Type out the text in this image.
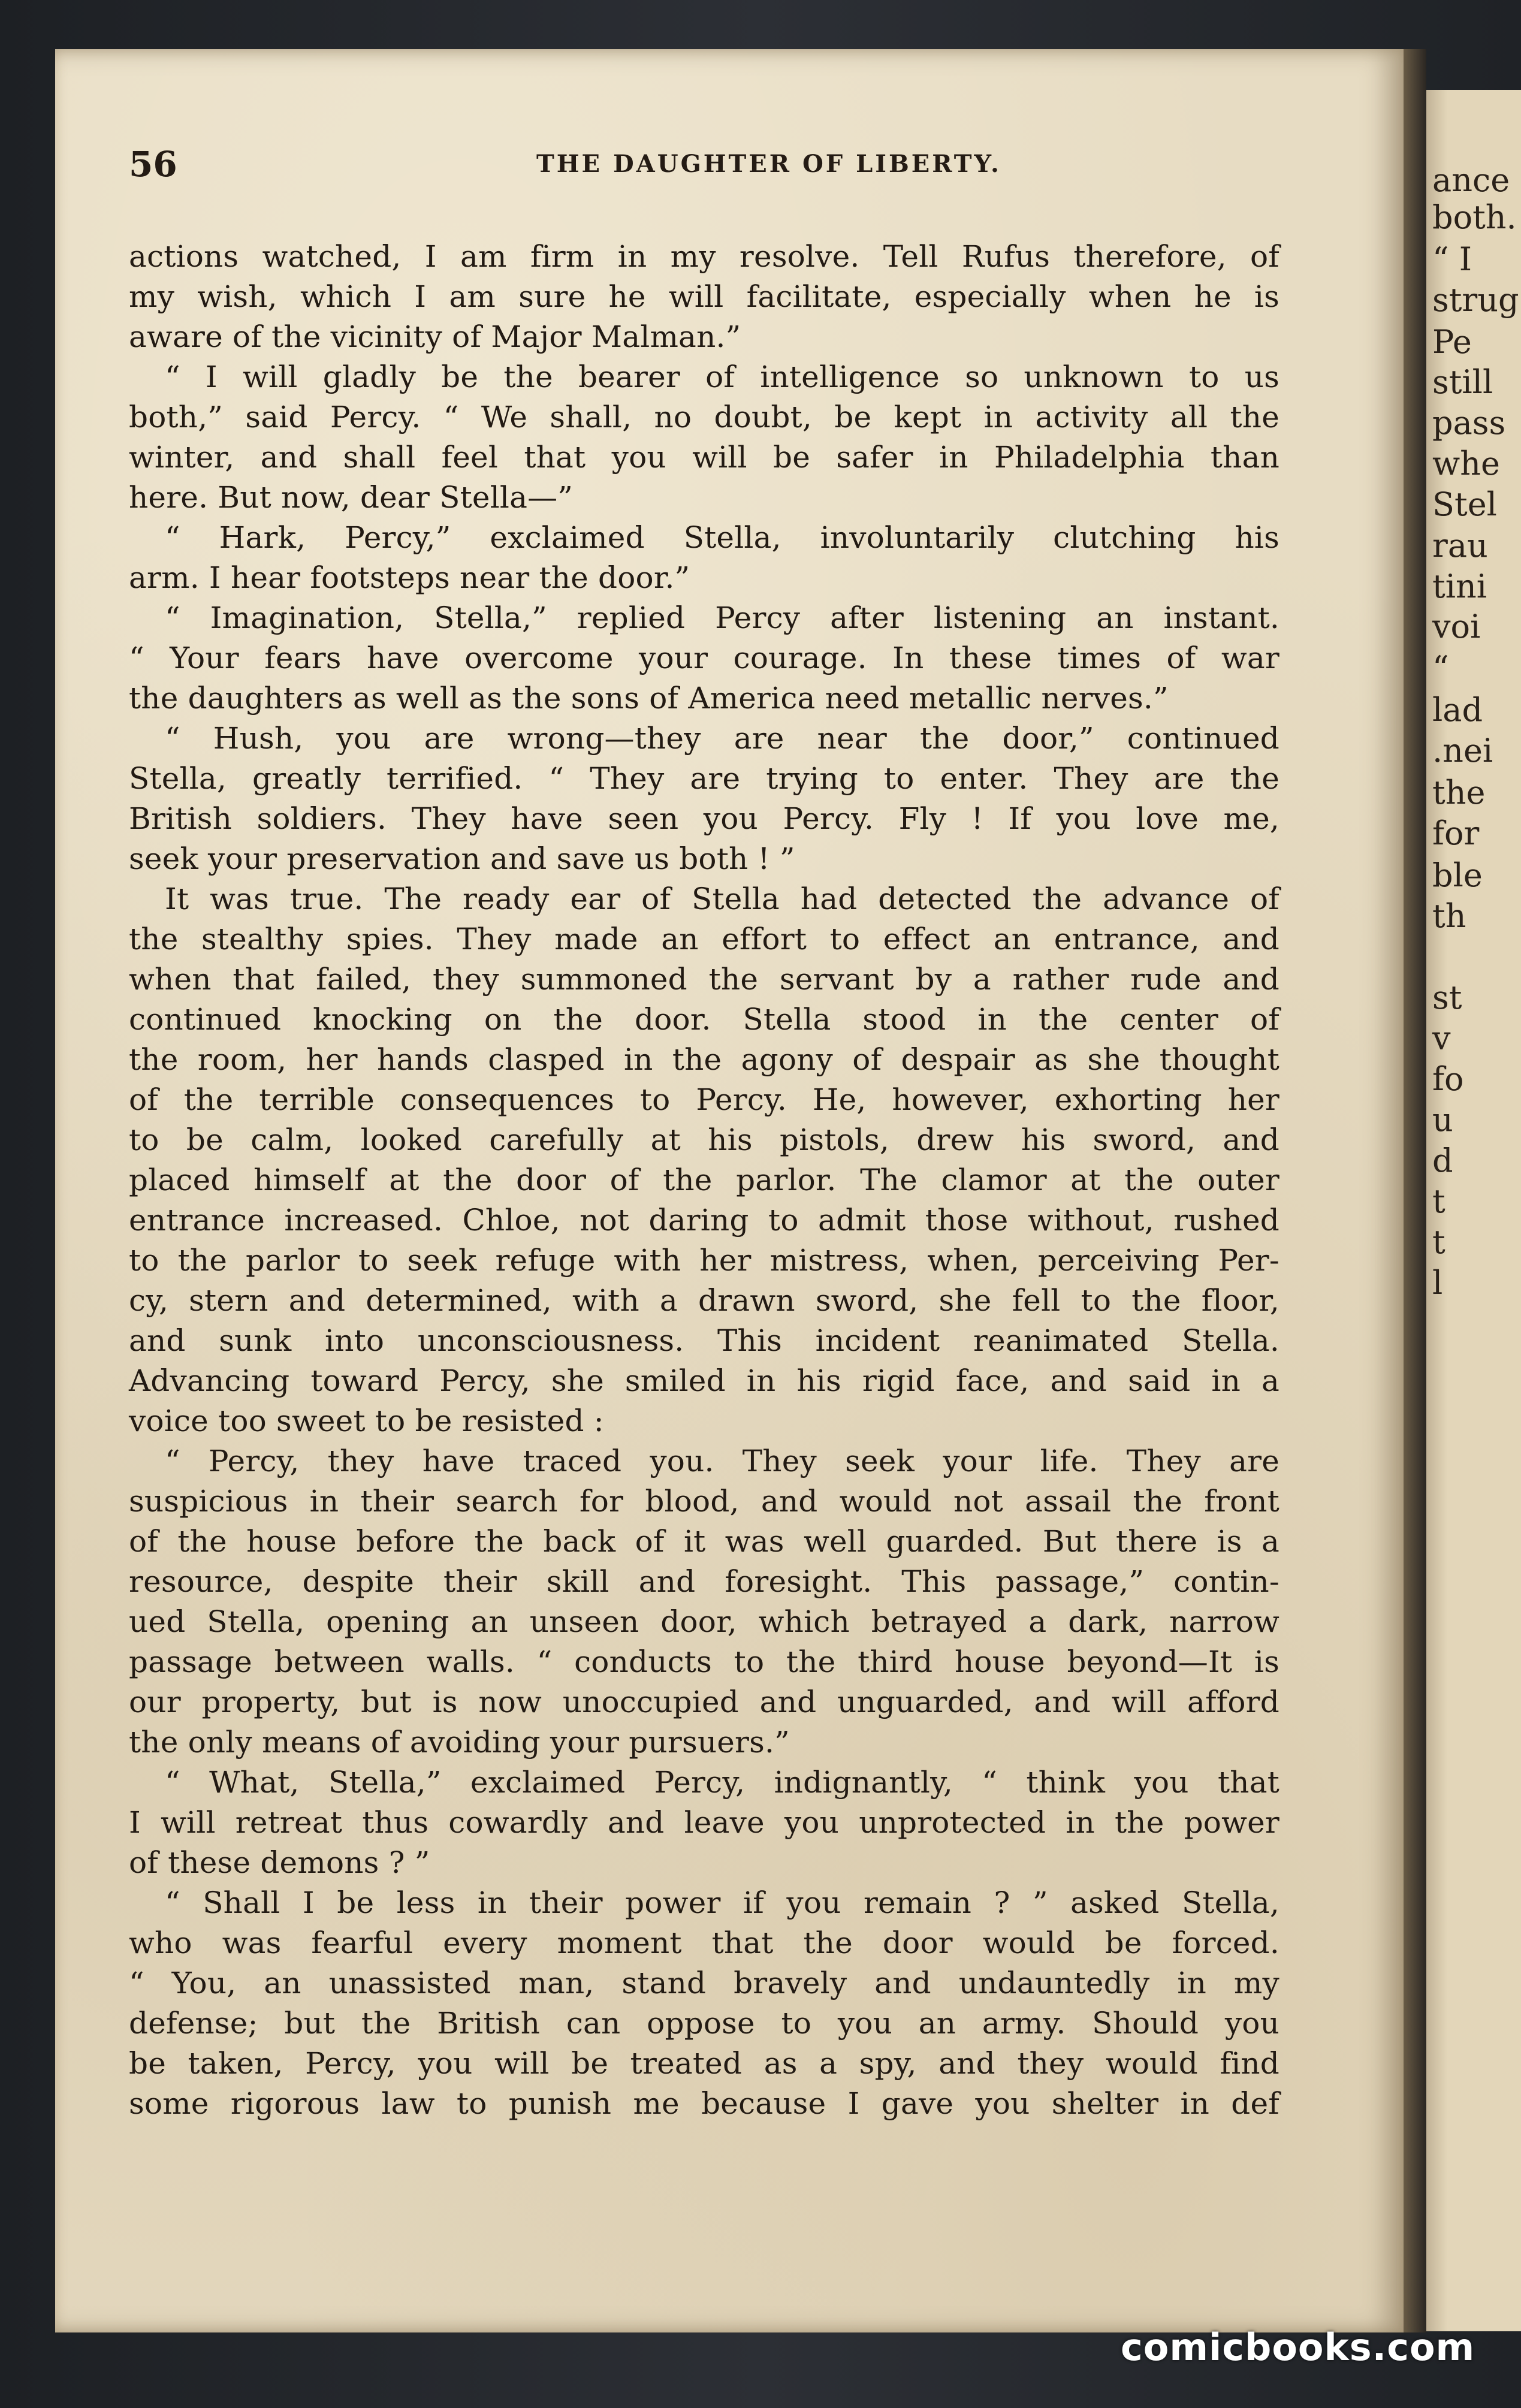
ance
both.
“ I
strug
Pe
still
pass
whe
Stel
rau
tini
voi
“
lad
.nei
the
for
ble
th
st
v
fo
u
d
t
t
l
56	THE DAUGHTER OF LIBERTY.
actions watched, I am firm in my resolve. Tell Rufus therefore, of
my wish, which I am sure he will facilitate, especially when he is
aware of the vicinity of Major Malman.”
“ I will gladly be the bearer of intelligence so unknown to us
both,” said Percy. “ We shall, no doubt, be kept in activity all the
winter, and shall feel that you will be safer in Philadelphia than
here. But now, dear Stella—”
“ Hark, Percy,” exclaimed Stella, involuntarily clutching his
arm. I hear footsteps near the door.”
“ Imagination, Stella,” replied Percy after listening an instant.
“ Your fears have overcome your courage. In these times of war
the daughters as well as the sons of America need metallic nerves.”
“ Hush, you are wrong—they are near the door,” continued
Stella, greatly terrified. “ They are trying to enter. They are the
British soldiers. They have seen you Percy. Fly ! If you love me,
seek your preservation and save us both ! ”
It was true. The ready ear of Stella had detected the advance of
the stealthy spies. They made an effort to effect an entrance, and
when that failed, they summoned the servant by a rather rude and
continued knocking on the door. Stella stood in the center of
the room, her hands clasped in the agony of despair as she thought
of the terrible consequences to Percy. He, however, exhorting her
to be calm, looked carefully at his pistols, drew his sword, and
placed himself at the door of the parlor. The clamor at the outer
entrance increased. Chloe, not daring to admit those without, rushed
to the parlor to seek refuge with her mistress, when, perceiving Per-
cy, stern and determined, with a drawn sword, she fell to the floor,
and sunk into unconsciousness. This incident reanimated Stella.
Advancing toward Percy, she smiled in his rigid face, and said in a
voice too sweet to be resisted :
“ Percy, they have traced you. They seek your life. They are
suspicious in their search for blood, and would not assail the front
of the house before the back of it was well guarded. But there is a
resource, despite their skill and foresight. This passage,” contin-
ued Stella, opening an unseen door, which betrayed a dark, narrow
passage between walls. “ conducts to the third house beyond—It is
our property, but is now unoccupied and unguarded, and will afford
the only means of avoiding your pursuers.”
“ What, Stella,” exclaimed Percy, indignantly, “ think you that
I will retreat thus cowardly and leave you unprotected in the power
of these demons ? ”
“ Shall I be less in their power if you remain ? ” asked Stella,
who was fearful every moment that the door would be forced.
“ You, an unassisted man, stand bravely and undauntedly in my
defense; but the British can oppose to you an army. Should you
be taken, Percy, you will be treated as a spy, and they would find
some rigorous law to punish me because I gave you shelter in def
comicbooks.com
